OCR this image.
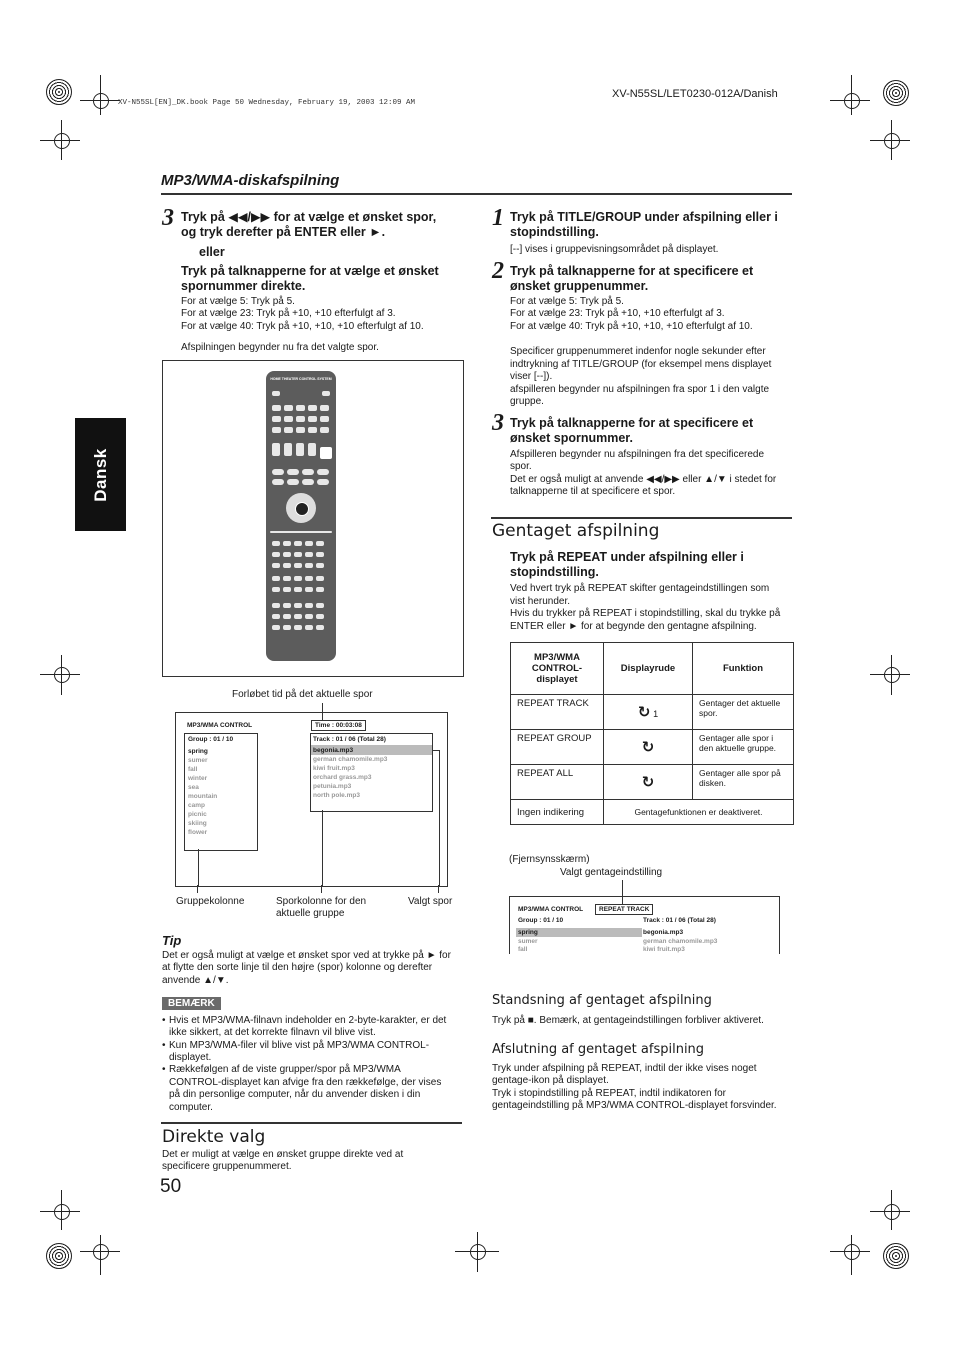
XV-N55SL[EN]_DK.book Page 50 Wednesday, February 19, 2003 12:09 AM
XV-N55SL/LET0230-012A/Danish
MP3/WMA-diskafspilning
Dansk
3 Tryk på ◀◀/▶▶ for at vælge et ønsket spor,
og tryk derefter på ENTER eller ►.
eller
Tryk på talknapperne for at vælge et ønsket
spornummer direkte.
For at vælge 5: Tryk på 5.
For at vælge 23: Tryk på +10, +10 efterfulgt af 3.
For at vælge 40: Tryk på +10, +10, +10 efterfulgt af 10.
Afspilningen begynder nu fra det valgte spor.
HOME THEATER CONTROL SYSTEM
Forløbet tid på det aktuelle spor
MP3/WMA CONTROL	Time : 00:03:08
Group : 01 / 10
spring
sumer
fall
winter
sea
mountain
camp
picnic
skiing
flower
Track : 01 / 06 (Total 28)
begonia.mp3
german chamomile.mp3
kiwi fruit.mp3
orchard grass.mp3
petunia.mp3
north pole.mp3
Gruppekolonne	Sporkolonne for den
aktuelle gruppe
Valgt spor
Tip
Det er også muligt at vælge et ønsket spor ved at trykke på ► for
at flytte den sorte linje til den højre (spor) kolonne og derefter
anvende ▲/▼.
BEMÆRK
• Hvis et MP3/WMA-filnavn indeholder en 2-byte-karakter, er det
ikke sikkert, at det korrekte filnavn vil blive vist.
• Kun MP3/WMA-filer vil blive vist på MP3/WMA CONTROL-
displayet.
• Rækkefølgen af de viste grupper/spor på MP3/WMA
CONTROL-displayet kan afvige fra den rækkefølge, der vises
på din personlige computer, når du anvender disken i din
computer.
Direkte valg
Det er muligt at vælge en ønsket gruppe direkte ved at
specificere gruppenummeret.
50
1 Tryk på TITLE/GROUP under afspilning eller i
stopindstilling.
[--] vises i gruppevisningsområdet på displayet.
2 Tryk på talknapperne for at specificere et
ønsket gruppenummer.
For at vælge 5: Tryk på 5.
For at vælge 23: Tryk på +10, +10 efterfulgt af 3.
For at vælge 40: Tryk på +10, +10, +10 efterfulgt af 10.
Specificer gruppenummeret indenfor nogle sekunder efter
indtrykning af TITLE/GROUP (for eksempel mens displayet
viser [--]).
afspilleren begynder nu afspilningen fra spor 1 i den valgte
gruppe.
3 Tryk på talknapperne for at specificere et
ønsket spornummer.
Afspilleren begynder nu afspilningen fra det specificerede
spor.
Det er også muligt at anvende ◀◀/▶▶ eller ▲/▼ i stedet for
talknapperne til at specificere et spor.
Gentaget afspilning
Tryk på REPEAT under afspilning eller i
stopindstilling.
Ved hvert tryk på REPEAT skifter gentageindstillingen som
vist herunder.
Hvis du trykker på REPEAT i stopindstilling, skal du trykke på
ENTER eller ► for at begynde den gentagne afspilning.
MP3/WMA
CONTROL-
displayet	Displayrude	Funktion
REPEAT TRACK	↻ 1	Gentager det aktuelle
spor.

REPEAT GROUP	↻	Gentager alle spor i
den aktuelle gruppe.

REPEAT ALL	↻	Gentager alle spor på
disken.

Ingen indikering	Gentagefunktionen er deaktiveret.	
(Fjernsynsskærm)
Valgt gentageindstilling
MP3/WMA CONTROL	REPEAT TRACK
Group : 01 / 10	Track : 01 / 06 (Total 28)
spring
sumer
fall
begonia.mp3
german chamomile.mp3
kiwi fruit.mp3
Standsning af gentaget afspilning
Tryk på ■. Bemærk, at gentageindstillingen forbliver aktiveret.
Afslutning af gentaget afspilning
Tryk under afspilning på REPEAT, indtil der ikke vises noget
gentage-ikon på displayet.
Tryk i stopindstilling på REPEAT, indtil indikatoren for
gentageindstilling på MP3/WMA CONTROL-displayet forsvinder.
